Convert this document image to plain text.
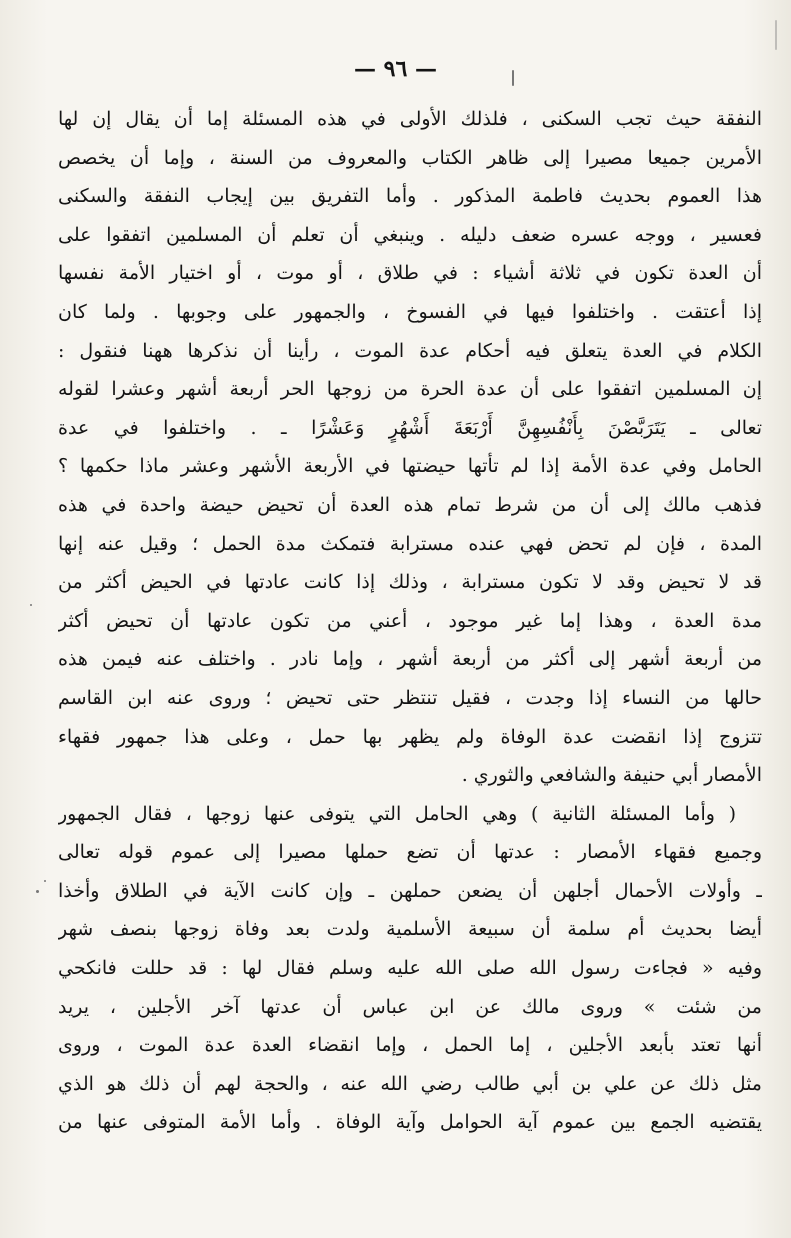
— ٩٦ —
النفقة حيث تجب السكنى ، فلذلك الأولى في هذه المسئلة إما أن يقال إن لها
الأمرين جميعا مصيرا إلى ظاهر الكتاب والمعروف من السنة ، وإما أن يخصص
هذا العموم بحديث فاطمة المذكور . وأما التفريق بين إيجاب النفقة والسكنى
فعسير ، ووجه عسره ضعف دليله . وينبغي أن تعلم أن المسلمين اتفقوا على
أن العدة تكون في ثلاثة أشياء : في طلاق ، أو موت ، أو اختيار الأمة نفسها
إذا أعتقت . واختلفوا فيها في الفسوخ ، والجمهور على وجوبها . ولما كان
الكلام في العدة يتعلق فيه أحكام عدة الموت ، رأينا أن نذكرها ههنا فنقول :
إن المسلمين اتفقوا على أن عدة الحرة من زوجها الحر أربعة أشهر وعشرا لقوله
تعالى ـ يَتَرَبَّصْنَ بِأَنْفُسِهِنَّ أَرْبَعَةَ أَشْهُرٍ وَعَشْرًا ـ . واختلفوا في عدة
الحامل وفي عدة الأمة إذا لم تأتها حيضتها في الأربعة الأشهر وعشر ماذا حكمها ؟
فذهب مالك إلى أن من شرط تمام هذه العدة أن تحيض حيضة واحدة في هذه
المدة ، فإن لم تحض فهي عنده مسترابة فتمكث مدة الحمل ؛ وقيل عنه إنها
قد لا تحيض وقد لا تكون مسترابة ، وذلك إذا كانت عادتها في الحيض أكثر من
مدة العدة ، وهذا إما غير موجود ، أعني من تكون عادتها أن تحيض أكثر
من أربعة أشهر إلى أكثر من أربعة أشهر ، وإما نادر . واختلف عنه فيمن هذه
حالها من النساء إذا وجدت ، فقيل تنتظر حتى تحيض ؛ وروى عنه ابن القاسم
تتزوج إذا انقضت عدة الوفاة ولم يظهر بها حمل ، وعلى هذا جمهور فقهاء
الأمصار أبي حنيفة والشافعي والثوري .
( وأما المسئلة الثانية ) وهي الحامل التي يتوفى عنها زوجها ، فقال الجمهور
وجميع فقهاء الأمصار : عدتها أن تضع حملها مصيرا إلى عموم قوله تعالى
ـ وأولات الأحمال أجلهن أن يضعن حملهن ـ وإن كانت الآية في الطلاق وأخذا
أيضا بحديث أم سلمة أن سبيعة الأسلمية ولدت بعد وفاة زوجها بنصف شهر
وفيه « فجاءت رسول الله صلى الله عليه وسلم فقال لها : قد حللت فانكحي
من شئت » وروى مالك عن ابن عباس أن عدتها آخر الأجلين ، يريد
أنها تعتد بأبعد الأجلين ، إما الحمل ، وإما انقضاء العدة عدة الموت ، وروى
مثل ذلك عن علي بن أبي طالب رضي الله عنه ، والحجة لهم أن ذلك هو الذي
يقتضيه الجمع بين عموم آية الحوامل وآية الوفاة . وأما الأمة المتوفى عنها من
